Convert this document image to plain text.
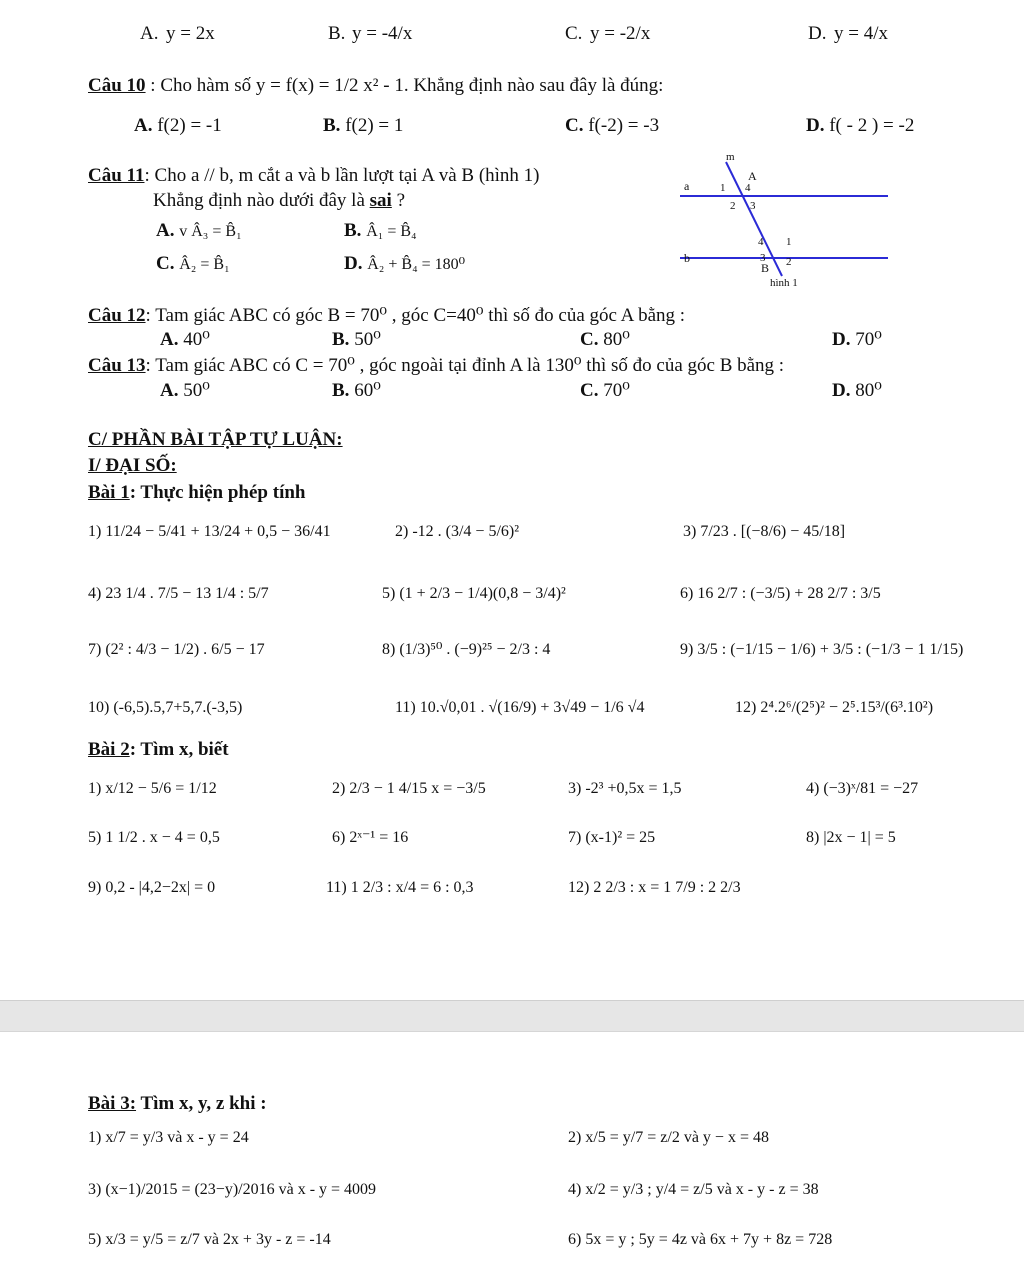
A. y = 2x	B. y = -4/x	C. y = -2/x	D. y = 4/x
Câu 10 : Cho hàm số y = f(x) = 1/2 x² - 1. Khẳng định nào sau đây là đúng:
A. f(2) = -1	B. f(2) = 1	C. f(-2) = -3	D. f( - 2 ) = -2
Câu 11: Cho a // b, m cắt a và b lần lượt tại A và B (hình 1)
Khẳng định nào dưới đây là sai ?
A. v Â₃ = B̂₁	B. Â₁ = B̂₄
C. Â₂ = B̂₁	D. Â₂ + B̂₄ = 180⁰
m
A
a
b
B
1 4
2 3
4 1
3 2
hình 1
Câu 12: Tam giác ABC có góc B = 70⁰ , góc C=40⁰ thì số đo của góc A bằng :
A. 40⁰	B. 50⁰	C. 80⁰	D. 70⁰
Câu 13: Tam giác ABC có C = 70⁰ , góc ngoài tại đỉnh A là 130⁰ thì số đo của góc B bằng :
A. 50⁰	B. 60⁰	C. 70⁰	D. 80⁰
C/ PHẦN BÀI TẬP TỰ LUẬN:
I/ ĐẠI SỐ:
Bài 1: Thực hiện phép tính
1) 11/24 − 5/41 + 13/24 + 0,5 − 36/41	2) -12 . (3/4 − 5/6)²	3) 7/23 . [(−8/6) − 45/18]
4) 23 1/4 . 7/5 − 13 1/4 : 5/7	5) (1 + 2/3 − 1/4)(0,8 − 3/4)²	6) 16 2/7 : (−3/5) + 28 2/7 : 3/5
7) (2² : 4/3 − 1/2) . 6/5 − 17	8) (1/3)⁵⁰ . (−9)²⁵ − 2/3 : 4	9) 3/5 : (−1/15 − 1/6) + 3/5 : (−1/3 − 1 1/15)
10) (-6,5).5,7+5,7.(-3,5)	11) 10.√0,01 . √(16/9) + 3√49 − 1/6 √4	12) 2⁴.2⁶/(2⁵)² − 2⁵.15³/(6³.10²)
Bài 2: Tìm x, biết
1) x/12 − 5/6 = 1/12	2) 2/3 − 1 4/15 x = −3/5	3) -2³ +0,5x = 1,5	4) (−3)ˣ/81 = −27
5) 1 1/2 . x − 4 = 0,5	6) 2ˣ⁻¹ = 16	7) (x-1)² = 25	8) |2x − 1| = 5
9) 0,2 - |4,2−2x| = 0	11) 1 2/3 : x/4 = 6 : 0,3	12) 2 2/3 : x = 1 7/9 : 2 2/3
Bài 3: Tìm x, y, z khi :
1) x/7 = y/3 và x - y = 24	2) x/5 = y/7 = z/2 và y − x = 48
3) (x−1)/2015 = (23−y)/2016 và x - y = 4009	4) x/2 = y/3 ; y/4 = z/5 và x - y - z = 38
5) x/3 = y/5 = z/7 và 2x + 3y - z = -14	6) 5x = y ; 5y = 4z và 6x + 7y + 8z = 728
